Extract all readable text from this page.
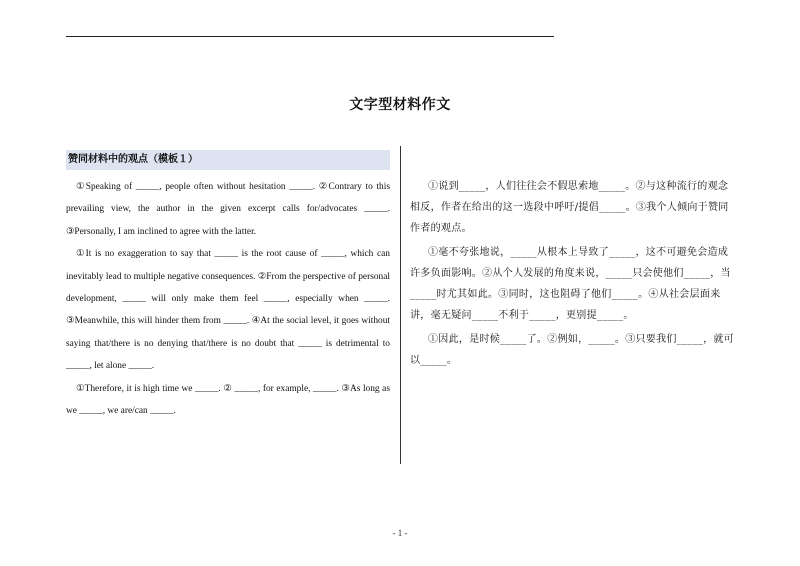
文字型材料作文
赞同材料中的观点（模板１）

①Speaking of _____, people often without hesitation _____. ②Contrary to this prevailing view, the author in the given excerpt calls for/advocates _____. ③Personally, I am inclined to agree with the latter.

①It is no exaggeration to say that _____ is the root cause of _____, which can inevitably lead to multiple negative consequences. ②From the perspective of personal development, _____ will only make them feel _____, especially when _____. ③Meanwhile, this will hinder them from _____. ④At the social level, it goes without saying that/there is no denying that/there is no doubt that _____ is detrimental to _____, let alone _____.

①Therefore, it is high time we _____. ② _____, for example, _____. ③As long as we _____, we are/can _____.

①说到_____，人们往往会不假思索地_____。②与这种流行的观念相反，作者在给出的这一选段中呼吁/提倡_____。③我个人倾向于赞同作者的观点。

①毫不夸张地说，_____从根本上导致了_____，这不可避免会造成许多负面影响。②从个人发展的角度来说，_____只会使他们_____，当_____时尤其如此。③同时，这也阻碍了他们_____。④从社会层面来讲，毫无疑问_____不利于_____，更别提_____。

①因此，是时候_____了。②例如，_____。③只要我们_____，就可以_____。

- 1 -
